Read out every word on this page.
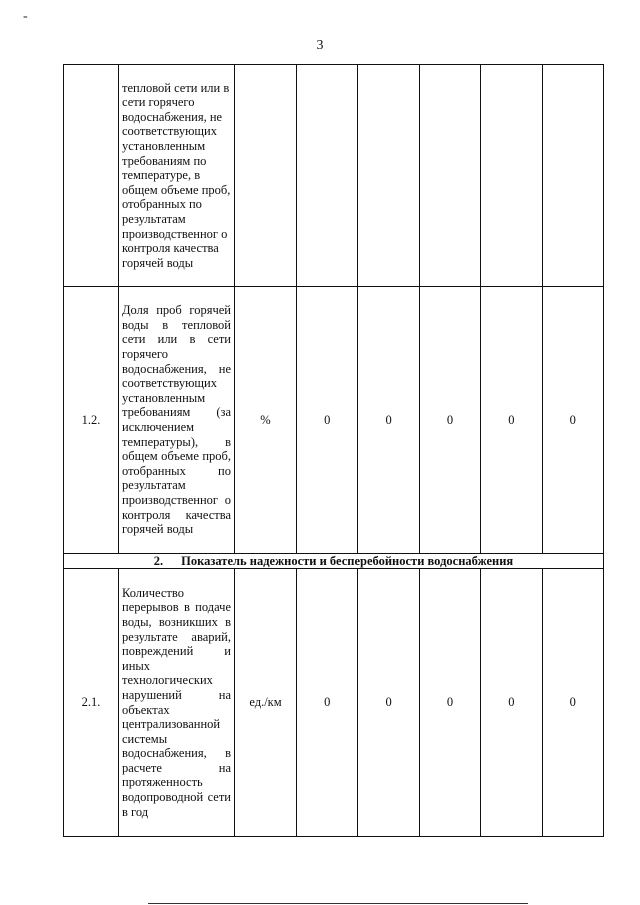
-
3
	тепловой сети или в сети горячего водоснабжения, не соответствующих установленным требованиям по температуре, в общем объеме проб, отобранных по результатам производственног о контроля качества горячей воды						
1.2.	Доля проб горячей воды в тепловой сети или в сети горячего водоснабжения, не соответствующих установленным требованиям (за исключением температуры), в общем объеме проб, отобранных по результатам производственног о контроля качества горячей воды	%	0	0	0	0	0
2. Показатель надежности и бесперебойности водоснабжения							
2.1.	Количество перерывов в подаче воды, возникших в результате аварий, повреждений и иных технологических нарушений на объектах централизованной системы водоснабжения, в расчете на протяженность водопроводной сети в год	ед./км	0	0	0	0	0
